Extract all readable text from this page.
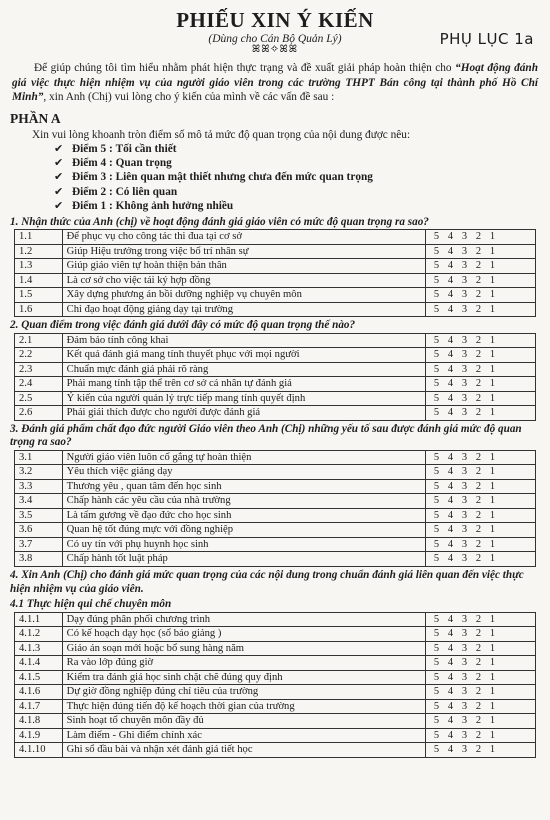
PHỤ LỤC 1a
PHIẾU XIN Ý KIẾN
(Dùng cho Cán Bộ Quản Lý)
ꕤꕤ✧ꕤꕤ

Để giúp chúng tôi tìm hiểu nhằm phát hiện thực trạng và đề xuất giải pháp hoàn thiện cho “Hoạt động đánh giá việc thực hiện nhiệm vụ của người giáo viên trong các trường THPT Bán công tại thành phố Hồ Chí Minh”, xin Anh (Chị) vui lòng cho ý kiến của mình về các vấn đề sau :

PHẦN A
Xin vui lòng khoanh tròn điểm số mô tả mức độ quan trọng của nội dung được nêu:
✔ Điểm 5 :
Tối cần thiết
✔ Điểm 4 :
Quan trọng
✔ Điểm 3 :
Liên quan mật thiết nhưng chưa đến mức quan trọng
✔ Điểm 2 :
Có liên quan
✔ Điểm 1 :
Không ảnh hưởng nhiều
1. Nhận thức của Anh (chị) về hoạt động đánh giá giáo viên có mức độ quan trọng ra sao?
1.1	Để phục vụ cho công tác thi đua tại cơ sở	5 4 3 2 1
1.2	Giúp Hiệu trưởng trong việc bố trí nhân sự	5 4 3 2 1
1.3	Giúp giáo viên tự hoàn thiện bản thân	5 4 3 2 1
1.4	Là cơ sở cho việc tái ký hợp đồng	5 4 3 2 1
1.5	Xây dựng phương án bồi dưỡng nghiệp vụ chuyên môn	5 4 3 2 1
1.6	Chỉ đạo hoạt động giảng dạy tại trường	5 4 3 2 1
2. Quan điểm trong việc đánh giá dưới đây có mức độ quan trọng thế nào?
2.1	Đảm bảo tính công khai	5 4 3 2 1
2.2	Kết quả đánh giá mang tính thuyết phục với mọi người	5 4 3 2 1
2.3	Chuẩn mực đánh giá phải rõ ràng	5 4 3 2 1
2.4	Phải mang tính tập thể trên cơ sở cá nhân tự đánh giá	5 4 3 2 1
2.5	Ý kiến của người quản lý trực tiếp mang tính quyết định	5 4 3 2 1
2.6	Phải giải thích được cho người được đánh giá	5 4 3 2 1
3. Đánh giá phẩm chất đạo đức người Giáo viên theo Anh (Chị) những yếu tố sau được đánh giá mức độ quan trọng ra sao?
3.1	Người giáo viên luôn cố gắng tự hoàn thiện	5 4 3 2 1
3.2	Yêu thích việc giảng dạy	5 4 3 2 1
3.3	Thương yêu , quan tâm đến học sinh	5 4 3 2 1
3.4	Chấp hành các yêu cầu của nhà trường	5 4 3 2 1
3.5	Là tấm gương về đạo đức cho học sinh	5 4 3 2 1
3.6	Quan hệ tốt đúng mực với đồng nghiệp	5 4 3 2 1
3.7	Có uy tín với phụ huynh học sinh	5 4 3 2 1
3.8	Chấp hành tốt luật pháp	5 4 3 2 1
4. Xin Anh (Chị) cho đánh giá mức quan trọng của các nội dung trong chuẩn đánh giá liên quan đến việc thực hiện nhiệm vụ của giáo viên.
4.1 Thực hiện qui chế chuyên môn
4.1.1	Dạy đúng phân phối chương trình	5 4 3 2 1
4.1.2	Có kế hoạch dạy học (sổ báo giảng )	5 4 3 2 1
4.1.3	Giáo án soạn mới hoặc bổ sung hàng năm	5 4 3 2 1
4.1.4	Ra vào lớp đúng giờ	5 4 3 2 1
4.1.5	Kiểm tra đánh giá học sinh chặt chẽ đúng quy định	5 4 3 2 1
4.1.6	Dự giờ đồng nghiệp đúng chỉ tiêu của trường	5 4 3 2 1
4.1.7	Thực hiện đúng tiến độ kế hoạch thời gian của trường	5 4 3 2 1
4.1.8	Sinh hoạt tổ chuyên môn đầy đủ	5 4 3 2 1
4.1.9	Làm điểm - Ghi điểm chính xác	5 4 3 2 1
4.1.10	Ghi sổ đầu bài và nhận xét đánh giá tiết học	5 4 3 2 1
